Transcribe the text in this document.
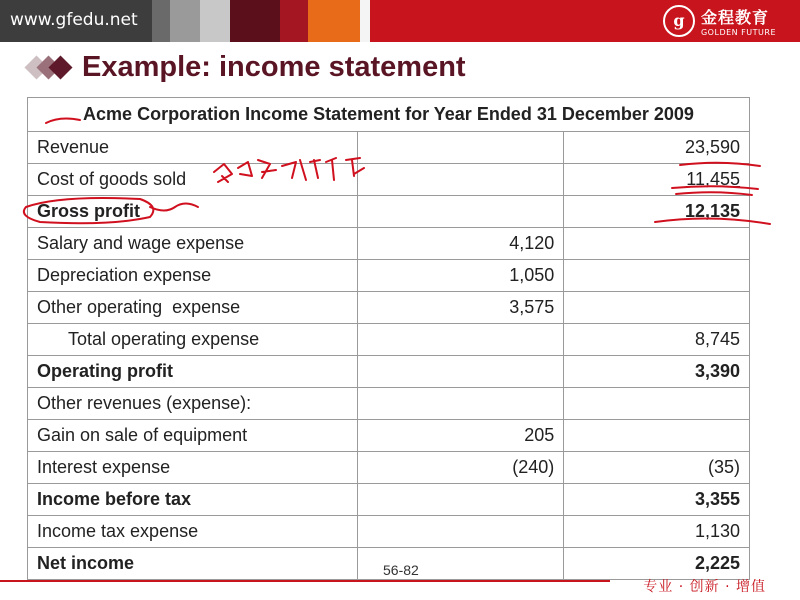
www.gfedu.net	g	金程教育
GOLDEN FUTURE
Example: income statement
Acme Corporation Income Statement for Year Ended 31 December 2009		
Revenue		23,590
Cost of goods sold		11,455
Gross profit		12,135
Salary and wage expense	4,120	
Depreciation expense	1,050	
Other operating  expense	3,575	
Total operating expense		8,745
Operating profit		3,390
Other revenues (expense):		
Gain on sale of equipment	205	
Interest expense	(240)	(35)
Income before tax		3,355
Income tax expense		1,130
Net income		2,225
56-82
专业 · 创新 · 增值
